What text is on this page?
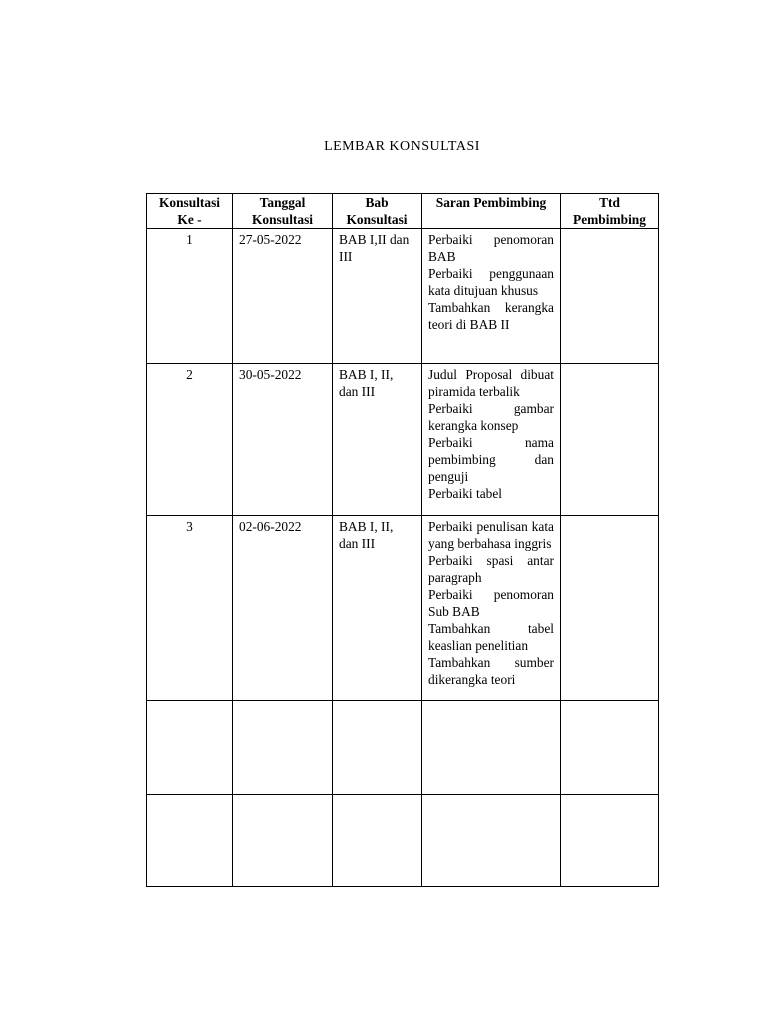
LEMBAR KONSULTASI
Konsultasi Ke -	Tanggal Konsultasi	Bab Konsultasi	Saran Pembimbing	Ttd Pembimbing
1	27-05-2022	BAB I,II dan III	Perbaiki penomoran BAB
Perbaiki penggunaan kata ditujuan khusus
Tambahkan kerangka teori di BAB II	

2	30-05-2022	BAB I, II, dan III	Judul Proposal dibuat piramida terbalik
Perbaiki gambar kerangka konsep
Perbaiki nama pembimbing dan penguji
Perbaiki tabel	

3	02-06-2022	BAB I, II, dan III	Perbaiki penulisan kata yang berbahasa inggris
Perbaiki spasi antar paragraph
Perbaiki penomoran Sub BAB
Tambahkan tabel keaslian penelitian
Tambahkan sumber dikerangka teori	
